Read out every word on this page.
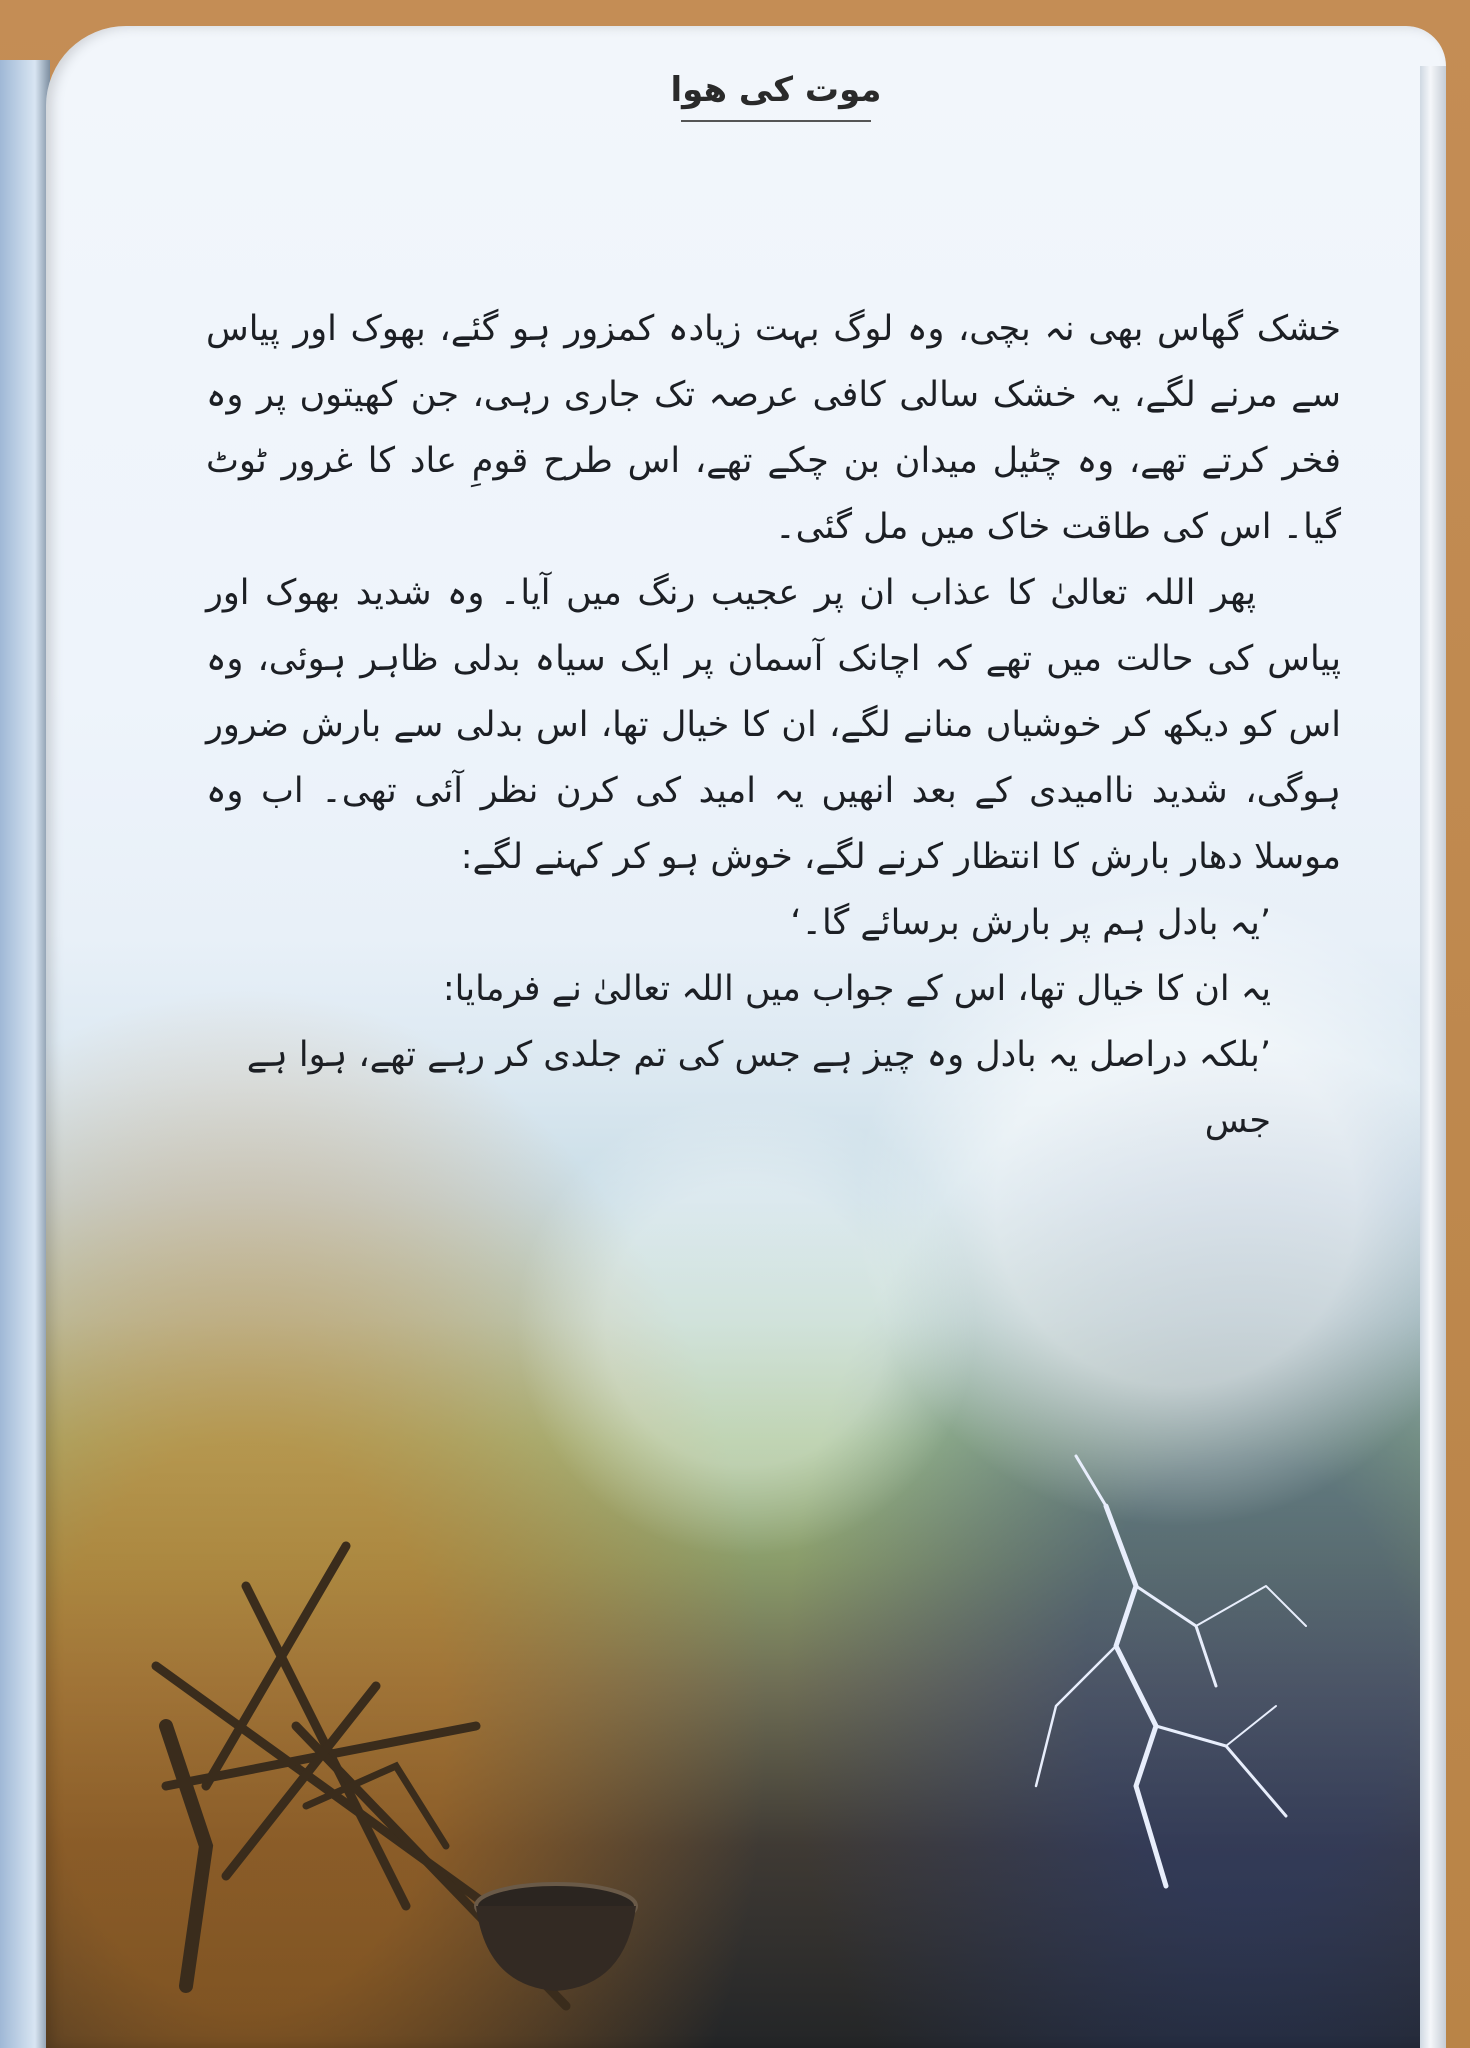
موت کی ھوا

خشک گھاس بھی نہ بچی، وہ لوگ بہت زیادہ کمزور ہو گئے، بھوک اور پیاس سے مرنے لگے، یہ خشک سالی کافی عرصہ تک جاری رہی، جن کھیتوں پر وہ فخر کرتے تھے، وہ چٹیل میدان بن چکے تھے، اس طرح قومِ عاد کا غرور ٹوٹ گیا۔ اس کی طاقت خاک میں مل گئی۔

پھر اللہ تعالیٰ کا عذاب ان پر عجیب رنگ میں آیا۔ وہ شدید بھوک اور پیاس کی حالت میں تھے کہ اچانک آسمان پر ایک سیاہ بدلی ظاہر ہوئی، وہ اس کو دیکھ کر خوشیاں منانے لگے، ان کا خیال تھا، اس بدلی سے بارش ضرور ہوگی، شدید ناامیدی کے بعد انھیں یہ امید کی کرن نظر آئی تھی۔ اب وہ موسلا دھار بارش کا انتظار کرنے لگے، خوش ہو کر کہنے لگے:

’یہ بادل ہم پر بارش برسائے گا۔‘

یہ ان کا خیال تھا، اس کے جواب میں اللہ تعالیٰ نے فرمایا:

’بلکہ دراصل یہ بادل وہ چیز ہے جس کی تم جلدی کر رہے تھے، ہوا ہے جس
